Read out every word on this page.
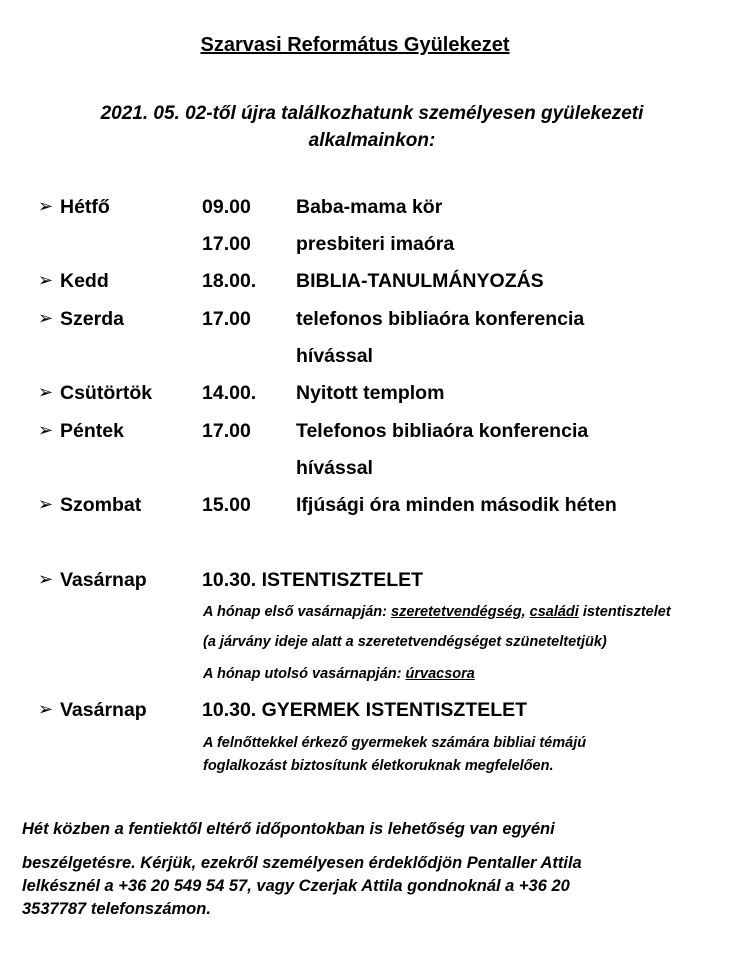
Szarvasi Református Gyülekezet
2021. 05. 02-től újra találkozhatunk személyesen gyülekezeti
alkalmainkon:
➢ Hétfő	09.00 Baba-mama kör
17.00 presbiteri imaóra
➢ Kedd	18.00. BIBLIA-TANULMÁNYOZÁS
➢ Szerda	17.00 telefonos bibliaóra konferencia
hívással
➢ Csütörtök	14.00. Nyitott templom
➢ Péntek	17.00 Telefonos bibliaóra konferencia
hívással
➢ Szombat	15.00 Ifjúsági óra minden második héten
➢ Vasárnap	10.30. ISTENTISZTELET
A hónap első vasárnapján: szeretetvendégség, családi istentisztelet
(a járvány ideje alatt a szeretetvendégséget szüneteltetjük)
A hónap utolsó vasárnapján: úrvacsora
➢ Vasárnap	10.30. GYERMEK ISTENTISZTELET
A felnőttekkel érkező gyermekek számára bibliai témájú
foglalkozást biztosítunk életkoruknak megfelelően.

Hét közben a fentiektől eltérő időpontokban is lehetőség van egyéni

beszélgetésre. Kérjük, ezekről személyesen érdeklődjön Pentaller Attila

lelkésznél a +36 20 549 54 57, vagy Czerjak Attila gondnoknál a +36 20

3537787 telefonszámon.
